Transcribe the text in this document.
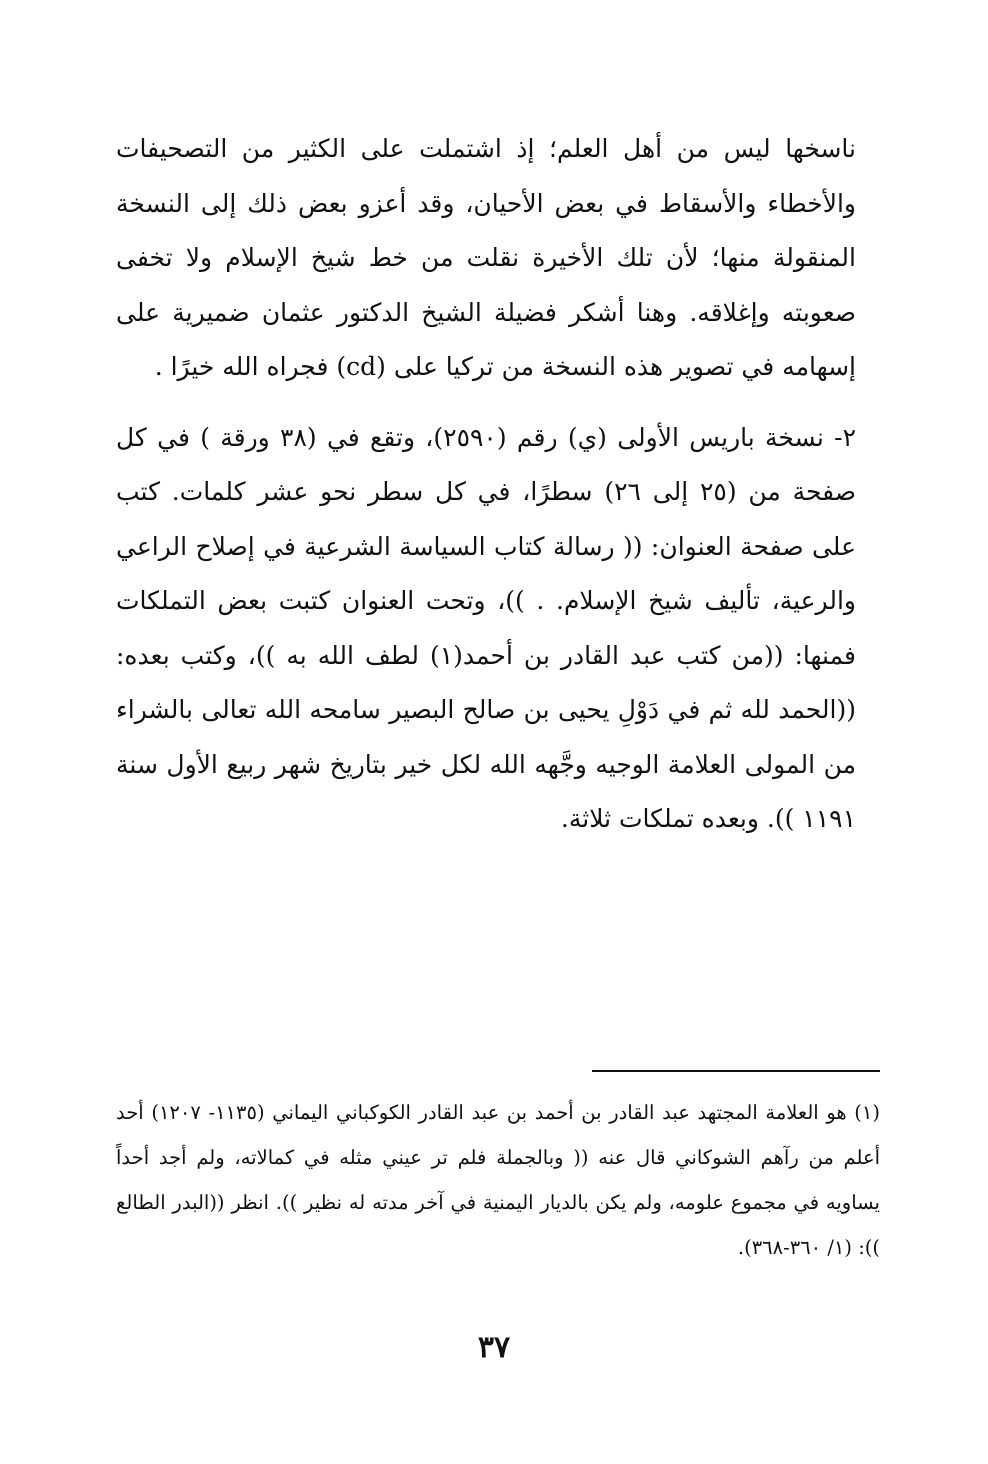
ناسخها ليس من أهل العلم؛ إذ اشتملت على الكثير من التصحيفات والأخطاء والأسقاط في بعض الأحيان، وقد أعزو بعض ذلك إلى النسخة المنقولة منها؛ لأن تلك الأخيرة نقلت من خط شيخ الإسلام ولا تخفى صعوبته وإغلاقه. وهنا أشكر فضيلة الشيخ الدكتور عثمان ضميرية على إسهامه في تصوير هذه النسخة من تركيا على (cd) فجراه الله خيرًا .

٢- نسخة باريس الأولى (ي) رقم (٢٥٩٠)، وتقع في (٣٨ ورقة ) في كل صفحة من (٢٥ إلى ٢٦) سطرًا، في كل سطر نحو عشر كلمات. كتب على صفحة العنوان: (( رسالة كتاب السياسة الشرعية في إصلاح الراعي والرعية، تأليف شيخ الإسلام. . ))، وتحت العنوان كتبت بعض التملكات فمنها: ((من كتب عبد القادر بن أحمد(١) لطف الله به ))، وكتب بعده: ((الحمد لله ثم في دَوْلِ يحيى بن صالح البصير سامحه الله تعالى بالشراء من المولى العلامة الوجيه وجَّهه الله لكل خير بتاريخ شهر ربيع الأول سنة ١١٩١ )). وبعده تملكات ثلاثة.

(١) هو العلامة المجتهد عبد القادر بن أحمد بن عبد القادر الكوكباني اليماني (١١٣٥- ١٢٠٧) أحد أعلم من رآهم الشوكاني قال عنه (( وبالجملة فلم تر عيني مثله في كمالاته، ولم أجد أحداً يساويه في مجموع علومه، ولم يكن بالديار اليمنية في آخر مدته له نظير )). انظر ((البدر الطالع )): (١/ ٣٦٠-٣٦٨).

٣٧
